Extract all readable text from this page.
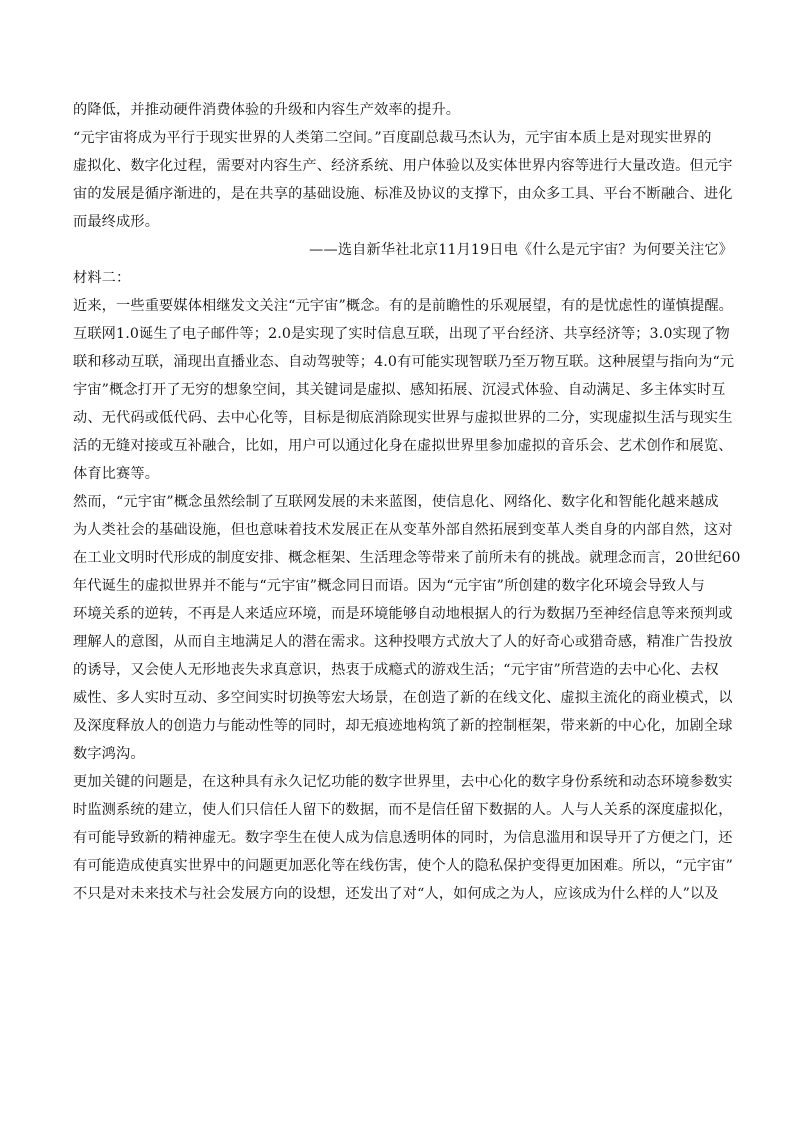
的降低，并推动硬件消费体验的升级和内容生产效率的提升。
“元宇宙将成为平行于现实世界的人类第二空间。”百度副总裁马杰认为，元宇宙本质上是对现实世界的
虚拟化、数字化过程，需要对内容生产、经济系统、用户体验以及实体世界内容等进行大量改造。但元宇
宙的发展是循序渐进的，是在共享的基础设施、标准及协议的支撑下，由众多工具、平台不断融合、进化
而最终成形。
——选自新华社北京11月19日电《什么是元宇宙？为何要关注它》
材料二：
近来，一些重要媒体相继发文关注“元宇宙”概念。有的是前瞻性的乐观展望，有的是忧虑性的谨慎提醒。
互联网1.0诞生了电子邮件等；2.0是实现了实时信息互联，出现了平台经济、共享经济等；3.0实现了物
联和移动互联，涌现出直播业态、自动驾驶等；4.0有可能实现智联乃至万物互联。这种展望与指向为“元
宇宙”概念打开了无穷的想象空间，其关键词是虚拟、感知拓展、沉浸式体验、自动满足、多主体实时互
动、无代码或低代码、去中心化等，目标是彻底消除现实世界与虚拟世界的二分，实现虚拟生活与现实生
活的无缝对接或互补融合，比如，用户可以通过化身在虚拟世界里参加虚拟的音乐会、艺术创作和展览、
体育比赛等。
然而，“元宇宙”概念虽然绘制了互联网发展的未来蓝图，使信息化、网络化、数字化和智能化越来越成
为人类社会的基础设施，但也意味着技术发展正在从变革外部自然拓展到变革人类自身的内部自然，这对
在工业文明时代形成的制度安排、概念框架、生活理念等带来了前所未有的挑战。就理念而言，20世纪60
年代诞生的虚拟世界并不能与“元宇宙”概念同日而语。因为“元宇宙”所创建的数字化环境会导致人与
环境关系的逆转，不再是人来适应环境，而是环境能够自动地根据人的行为数据乃至神经信息等来预判或
理解人的意图，从而自主地满足人的潜在需求。这种投喂方式放大了人的好奇心或猎奇感，精准广告投放
的诱导，又会使人无形地丧失求真意识，热衷于成瘾式的游戏生活；“元宇宙”所营造的去中心化、去权
威性、多人实时互动、多空间实时切换等宏大场景，在创造了新的在线文化、虚拟主流化的商业模式，以
及深度释放人的创造力与能动性等的同时，却无痕迹地构筑了新的控制框架，带来新的中心化，加剧全球
数字鸿沟。
更加关键的问题是，在这种具有永久记忆功能的数字世界里，去中心化的数字身份系统和动态环境参数实
时监测系统的建立，使人们只信任人留下的数据，而不是信任留下数据的人。人与人关系的深度虚拟化，
有可能导致新的精神虚无。数字孪生在使人成为信息透明体的同时，为信息滥用和误导开了方便之门，还
有可能造成使真实世界中的问题更加恶化等在线伤害，使个人的隐私保护变得更加困难。所以，“元宇宙”
不只是对未来技术与社会发展方向的设想，还发出了对“人，如何成之为人，应该成为什么样的人”以及
